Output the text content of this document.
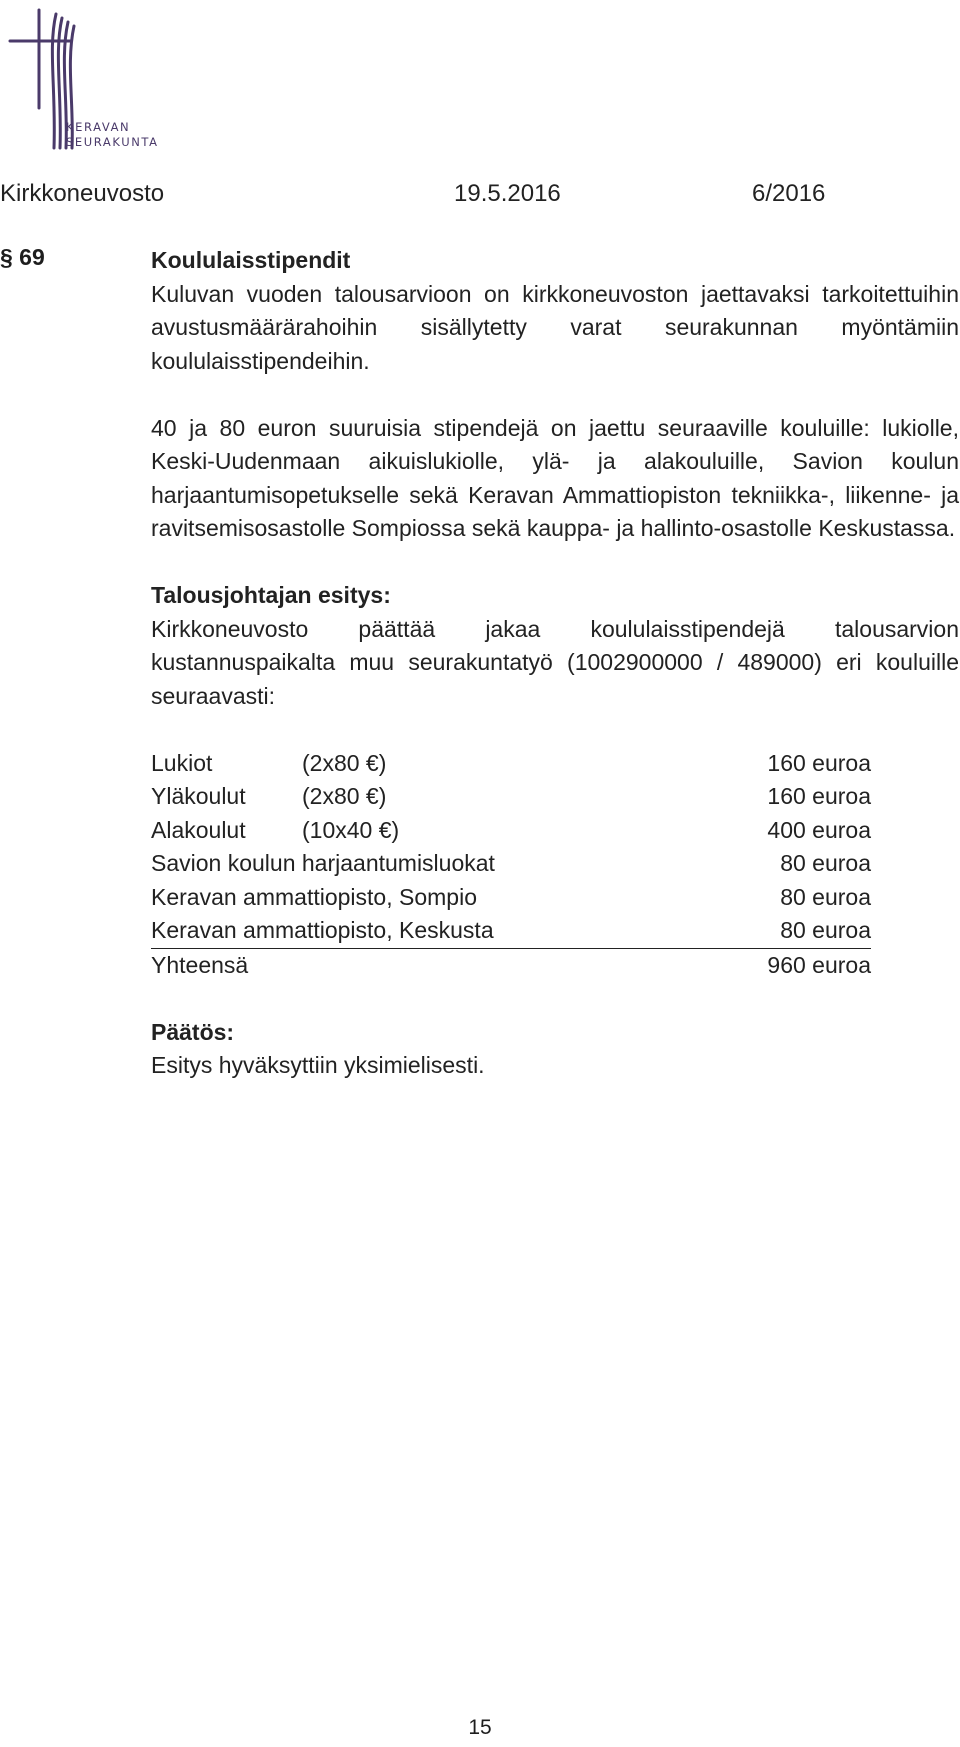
KERAVAN
SEURAKUNTA
Kirkkoneuvosto	19.5.2016	6/2016
§ 69	Koululaisstipendit

Kuluvan vuoden talousarvioon on kirkkoneuvoston jaettavaksi tarkoitettuihin avustusmäärärahoihin sisällytetty varat seurakunnan myöntämiin koululaisstipendeihin.

40 ja 80 euron suuruisia stipendejä on jaettu seuraaville kouluille: lukiolle, Keski-Uudenmaan aikuislukiolle, ylä- ja alakouluille, Savion koulun harjaantumisopetukselle sekä Keravan Ammattiopiston tekniikka-, liikenne- ja ravitsemisosastolle Sompiossa sekä kauppa- ja hallinto-osastolle Keskustassa.

Talousjohtajan esitys:

Kirkkoneuvosto päättää jakaa koululaisstipendejä talousarvion kustannuspaikalta muu seurakuntatyö (1002900000 / 489000) eri kouluille seuraavasti:

Lukiot	(2x80 €)	160 euroa
Yläkoulut	(2x80 €)	160 euroa
Alakoulut	(10x40 €)	400 euroa
Savion koulun harjaantumisluokat		80 euroa
Keravan ammattiopisto, Sompio		80 euroa
Keravan ammattiopisto, Keskusta		80 euroa
Yhteensä		960 euroa

Päätös:

Esitys hyväksyttiin yksimielisesti.

15
